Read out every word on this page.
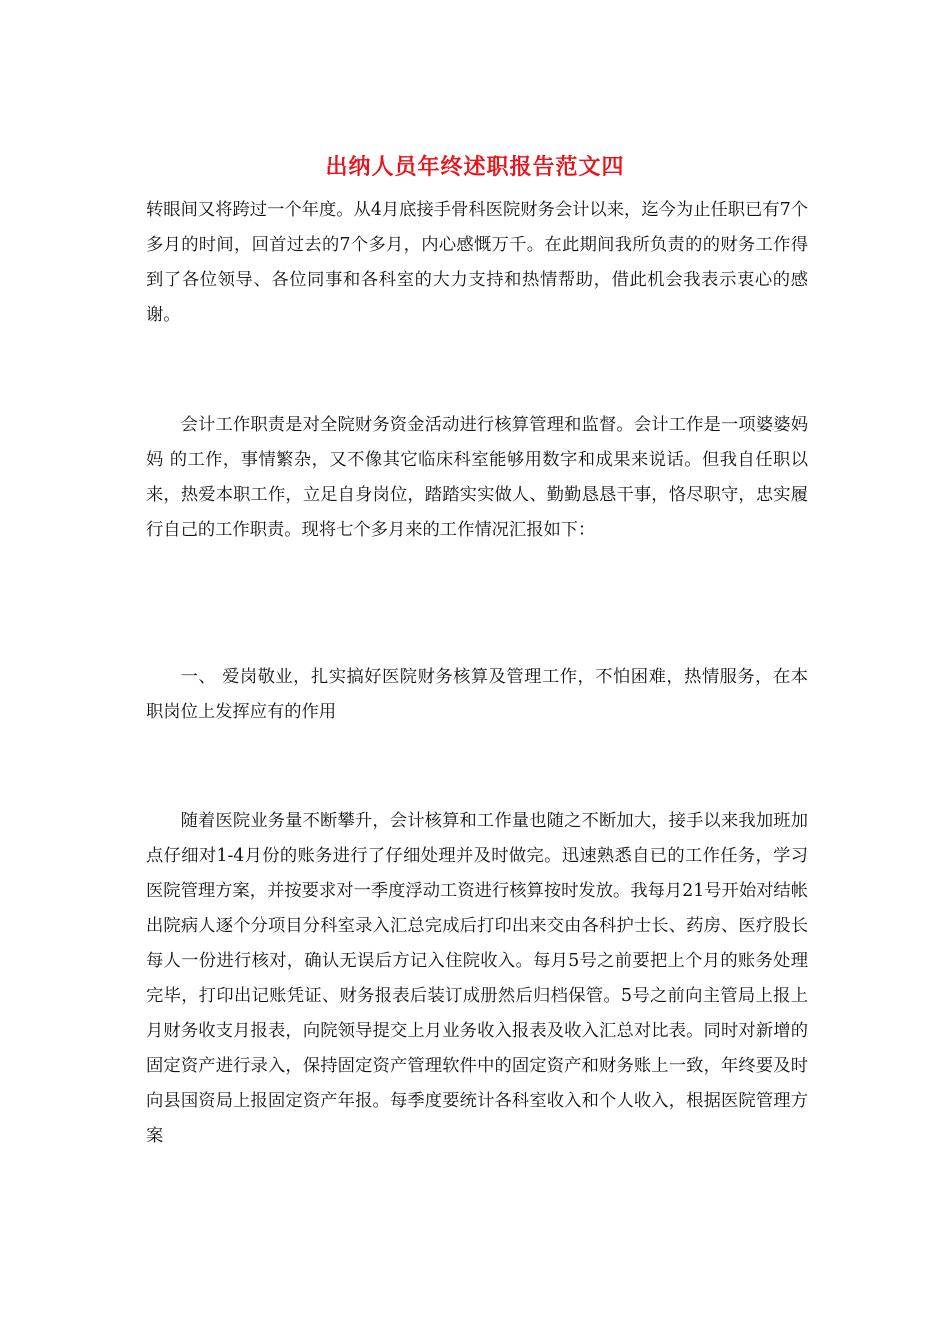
出纳人员年终述职报告范文四

转眼间又将跨过一个年度。从4月底接手骨科医院财务会计以来，迄今为止任职已有7个多月的时间，回首过去的7个多月，内心感慨万千。在此期间我所负责的的财务工作得到了各位领导、各位同事和各科室的大力支持和热情帮助，借此机会我表示衷心的感谢。

会计工作职责是对全院财务资金活动进行核算管理和监督。会计工作是一项婆婆妈妈 的工作，事情繁杂，又不像其它临床科室能够用数字和成果来说话。但我自任职以来，热爱本职工作，立足自身岗位，踏踏实实做人、勤勤恳恳干事，恪尽职守，忠实履行自己的工作职责。现将七个多月来的工作情况汇报如下：

一、 爱岗敬业，扎实搞好医院财务核算及管理工作，不怕困难，热情服务，在本职岗位上发挥应有的作用

随着医院业务量不断攀升，会计核算和工作量也随之不断加大，接手以来我加班加点仔细对1-4月份的账务进行了仔细处理并及时做完。迅速熟悉自已的工作任务，学习医院管理方案，并按要求对一季度浮动工资进行核算按时发放。我每月21号开始对结帐出院病人逐个分项目分科室录入汇总完成后打印出来交由各科护士长、药房、医疗股长每人一份进行核对，确认无误后方记入住院收入。每月5号之前要把上个月的账务处理完毕，打印出记账凭证、财务报表后装订成册然后归档保管。5号之前向主管局上报上月财务收支月报表，向院领导提交上月业务收入报表及收入汇总对比表。同时对新增的固定资产进行录入，保持固定资产管理软件中的固定资产和财务账上一致，年终要及时向县国资局上报固定资产年报。每季度要统计各科室收入和个人收入，根据医院管理方案
